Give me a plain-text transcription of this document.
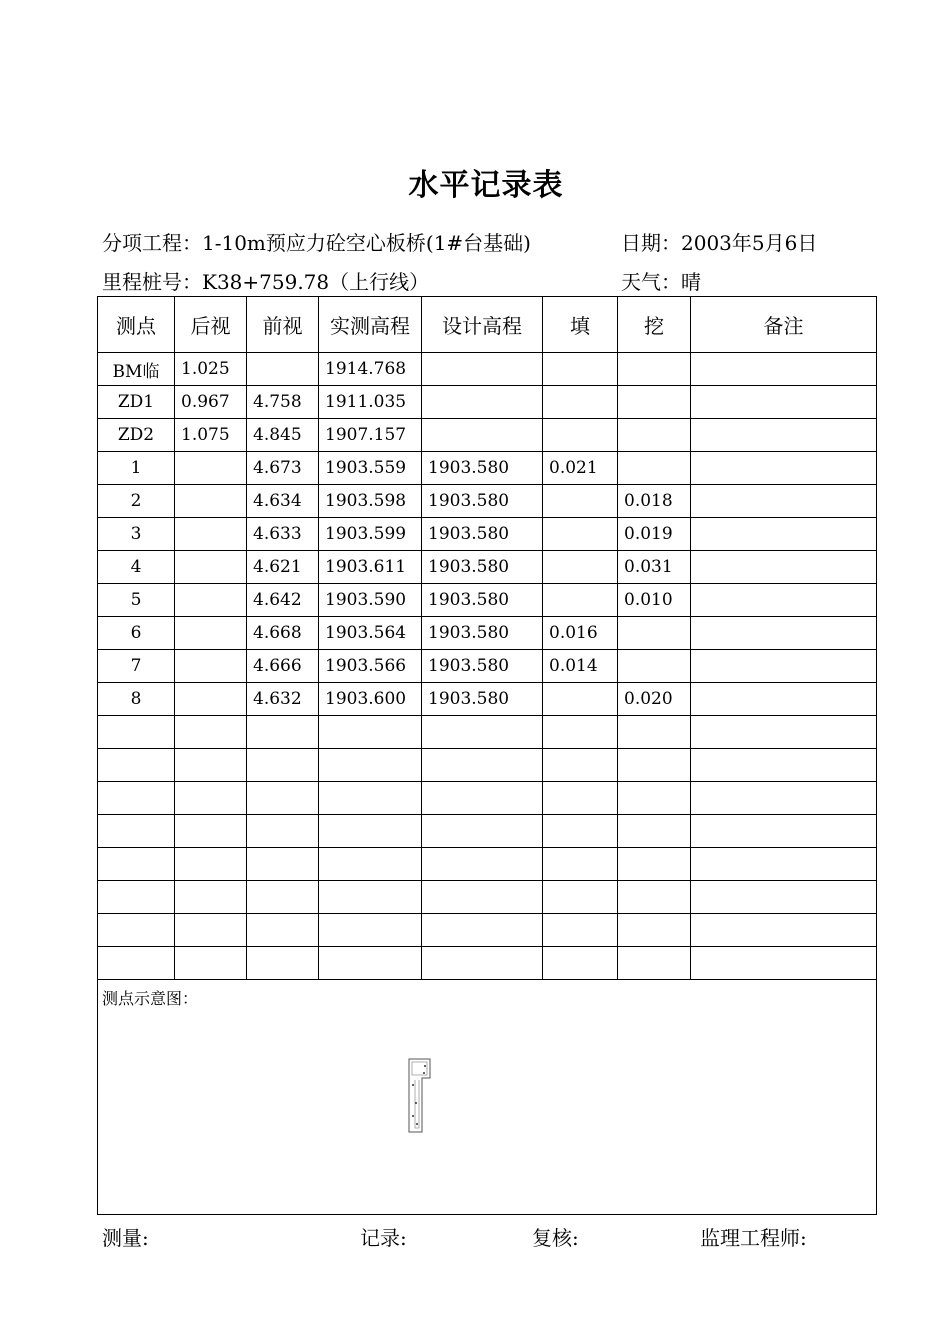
水平记录表
分项工程：1-10m预应力砼空心板桥(1#台基础)	日期：2003年5月6日
里程桩号：K38+759.78（上行线）	天气：晴
测点	后视	前视	实测高程	设计高程	填	挖	备注
BM临	1.025		1914.768				
ZD1	0.967	4.758	1911.035				
ZD2	1.075	4.845	1907.157				
1		4.673	1903.559	1903.580	0.021		
2		4.634	1903.598	1903.580		0.018	
3		4.633	1903.599	1903.580		0.019	
4		4.621	1903.611	1903.580		0.031	
5		4.642	1903.590	1903.580		0.010	
6		4.668	1903.564	1903.580	0.016		
7		4.666	1903.566	1903.580	0.014		
8		4.632	1903.600	1903.580		0.020	

测点示意图：							
测量:	记录:	复核:	监理工程师:
